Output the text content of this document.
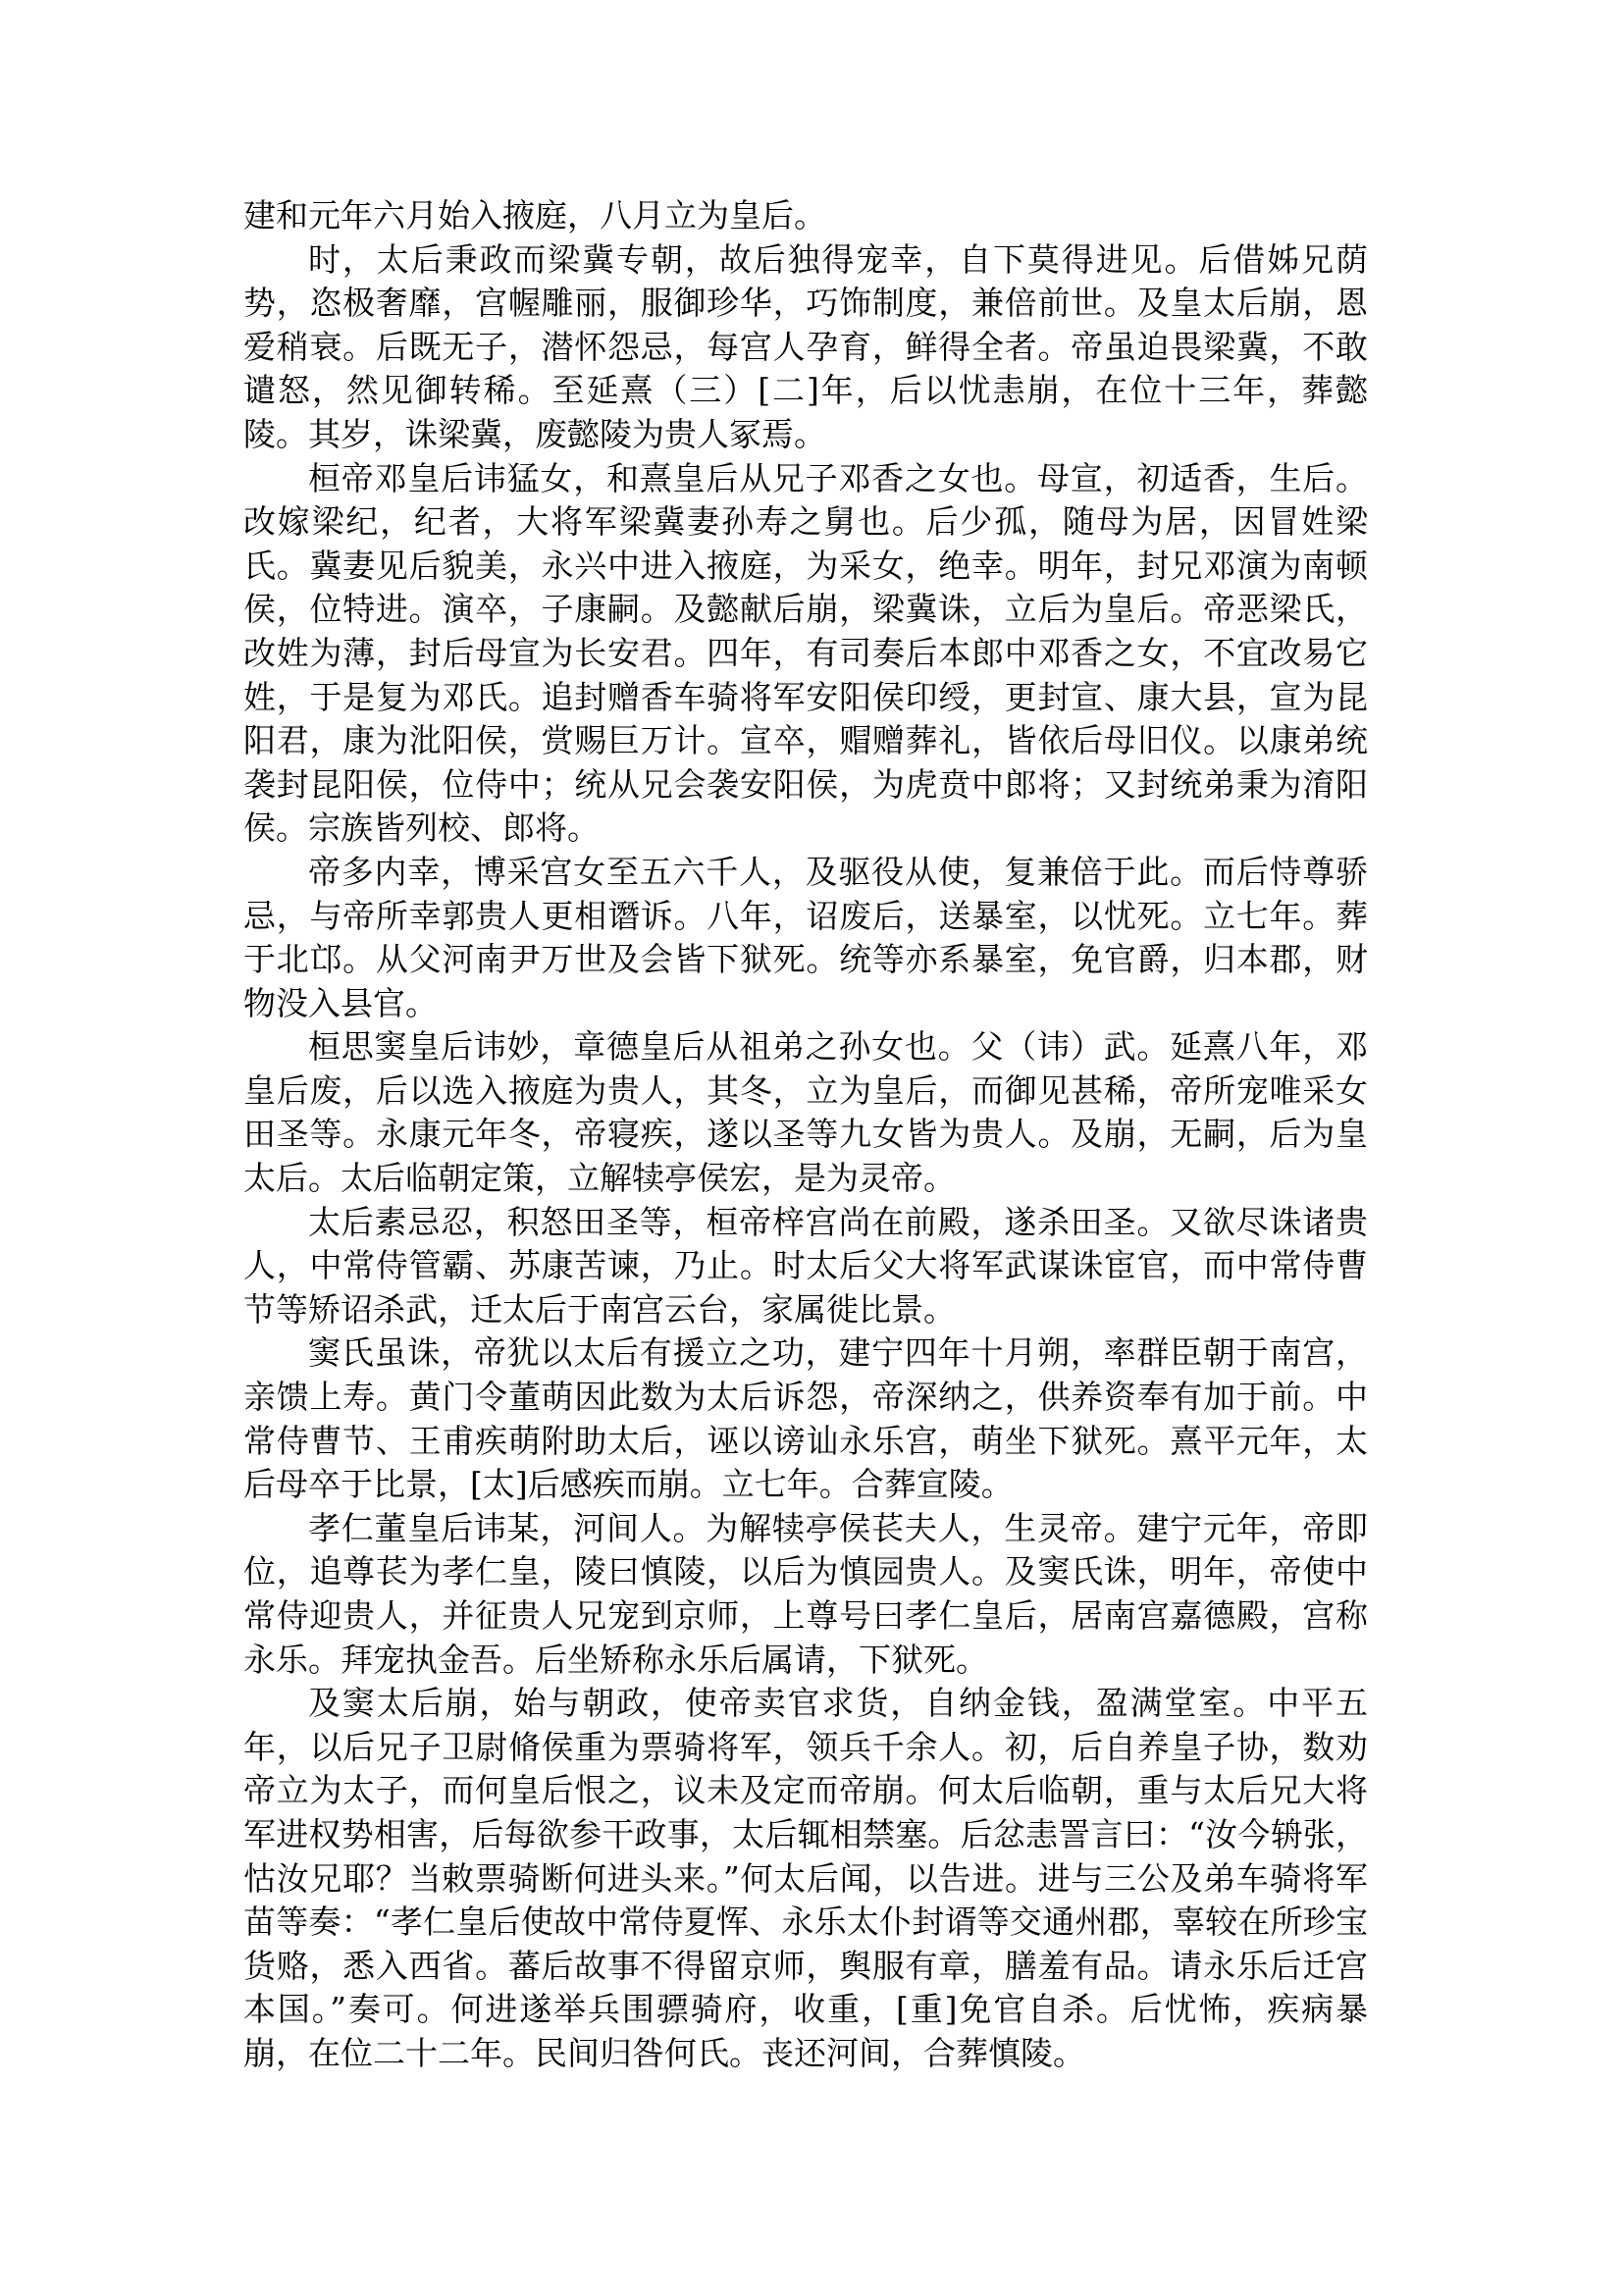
建和元年六月始入掖庭，八月立为皇后。

时，太后秉政而梁冀专朝，故后独得宠幸，自下莫得进见。后借姊兄荫势，恣极奢靡，宫幄雕丽，服御珍华，巧饰制度，兼倍前世。及皇太后崩，恩爱稍衰。后既无子，潜怀怨忌，每宫人孕育，鲜得全者。帝虽迫畏梁冀，不敢谴怒，然见御转稀。至延熹（三）[二]年，后以忧恚崩，在位十三年，葬懿陵。其岁，诛梁冀，废懿陵为贵人冢焉。

桓帝邓皇后讳猛女，和熹皇后从兄子邓香之女也。母宣，初适香，生后。改嫁梁纪，纪者，大将军梁冀妻孙寿之舅也。后少孤，随母为居，因冒姓梁氏。冀妻见后貌美，永兴中进入掖庭，为采女，绝幸。明年，封兄邓演为南顿侯，位特进。演卒，子康嗣。及懿献后崩，梁冀诛，立后为皇后。帝恶梁氏，改姓为薄，封后母宣为长安君。四年，有司奏后本郎中邓香之女，不宜改易它姓，于是复为邓氏。追封赠香车骑将军安阳侯印绶，更封宣、康大县，宣为昆阳君，康为沘阳侯，赏赐巨万计。宣卒，赗赠葬礼，皆依后母旧仪。以康弟统袭封昆阳侯，位侍中；统从兄会袭安阳侯，为虎贲中郎将；又封统弟秉为淯阳侯。宗族皆列校、郎将。

帝多内幸，博采宫女至五六千人，及驱役从使，复兼倍于此。而后恃尊骄忌，与帝所幸郭贵人更相谮诉。八年，诏废后，送暴室，以忧死。立七年。葬于北邙。从父河南尹万世及会皆下狱死。统等亦系暴室，免官爵，归本郡，财物没入县官。

桓思窦皇后讳妙，章德皇后从祖弟之孙女也。父（讳）武。延熹八年，邓皇后废，后以选入掖庭为贵人，其冬，立为皇后，而御见甚稀，帝所宠唯采女田圣等。永康元年冬，帝寝疾，遂以圣等九女皆为贵人。及崩，无嗣，后为皇太后。太后临朝定策，立解犊亭侯宏，是为灵帝。

太后素忌忍，积怒田圣等，桓帝梓宫尚在前殿，遂杀田圣。又欲尽诛诸贵人，中常侍管霸、苏康苦谏，乃止。时太后父大将军武谋诛宦官，而中常侍曹节等矫诏杀武，迁太后于南宫云台，家属徙比景。

窦氏虽诛，帝犹以太后有援立之功，建宁四年十月朔，率群臣朝于南宫，亲馈上寿。黄门令董萌因此数为太后诉怨，帝深纳之，供养资奉有加于前。中常侍曹节、王甫疾萌附助太后，诬以谤讪永乐宫，萌坐下狱死。熹平元年，太后母卒于比景，[太]后感疾而崩。立七年。合葬宣陵。

孝仁董皇后讳某，河间人。为解犊亭侯苌夫人，生灵帝。建宁元年，帝即位，追尊苌为孝仁皇，陵曰慎陵，以后为慎园贵人。及窦氏诛，明年，帝使中常侍迎贵人，并征贵人兄宠到京师，上尊号曰孝仁皇后，居南宫嘉德殿，宫称永乐。拜宠执金吾。后坐矫称永乐后属请，下狱死。

及窦太后崩，始与朝政，使帝卖官求货，自纳金钱，盈满堂室。中平五年，以后兄子卫尉脩侯重为票骑将军，领兵千余人。初，后自养皇子协，数劝帝立为太子，而何皇后恨之，议未及定而帝崩。何太后临朝，重与太后兄大将军进权势相害，后每欲参干政事，太后辄相禁塞。后忿恚詈言曰：“汝今辀张，怙汝兄耶？当敕票骑断何进头来。”何太后闻，以告进。进与三公及弟车骑将军苗等奏：“孝仁皇后使故中常侍夏恽、永乐太仆封谞等交通州郡，辜较在所珍宝货赂，悉入西省。蕃后故事不得留京师，舆服有章，膳羞有品。请永乐后迁宫本国。”奏可。何进遂举兵围骠骑府，收重，[重]免官自杀。后忧怖，疾病暴崩，在位二十二年。民间归咎何氏。丧还河间，合葬慎陵。
